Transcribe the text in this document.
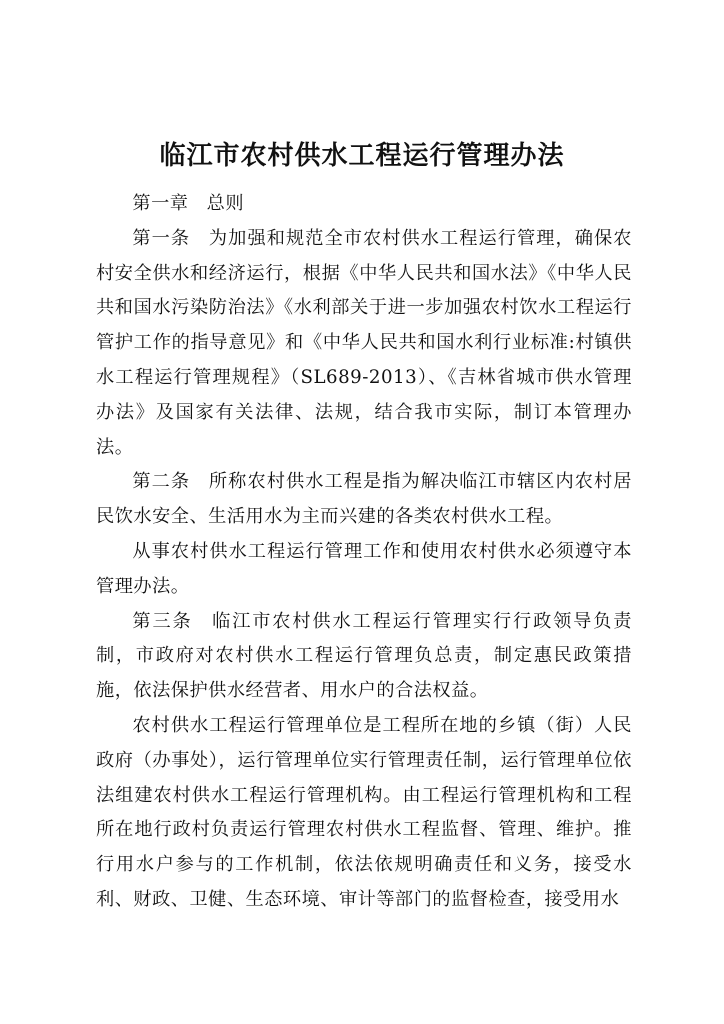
临江市农村供水工程运行管理办法

第一章 总则

第一条 为加强和规范全市农村供水工程运行管理，确保农村安全供水和经济运行，根据《中华人民共和国水法》《中华人民共和国水污染防治法》《水利部关于进一步加强农村饮水工程运行管护工作的指导意见》和《中华人民共和国水利行业标准:村镇供水工程运行管理规程》（SL689-2013）、《吉林省城市供水管理办法》及国家有关法律、法规，结合我市实际，制订本管理办法。

第二条 所称农村供水工程是指为解决临江市辖区内农村居民饮水安全、生活用水为主而兴建的各类农村供水工程。

从事农村供水工程运行管理工作和使用农村供水必须遵守本管理办法。

第三条 临江市农村供水工程运行管理实行行政领导负责制，市政府对农村供水工程运行管理负总责，制定惠民政策措施，依法保护供水经营者、用水户的合法权益。

农村供水工程运行管理单位是工程所在地的乡镇（街）人民政府（办事处），运行管理单位实行管理责任制，运行管理单位依法组建农村供水工程运行管理机构。由工程运行管理机构和工程所在地行政村负责运行管理农村供水工程监督、管理、维护。推行用水户参与的工作机制，依法依规明确责任和义务，接受水利、财政、卫健、生态环境、审计等部门的监督检查，接受用水
